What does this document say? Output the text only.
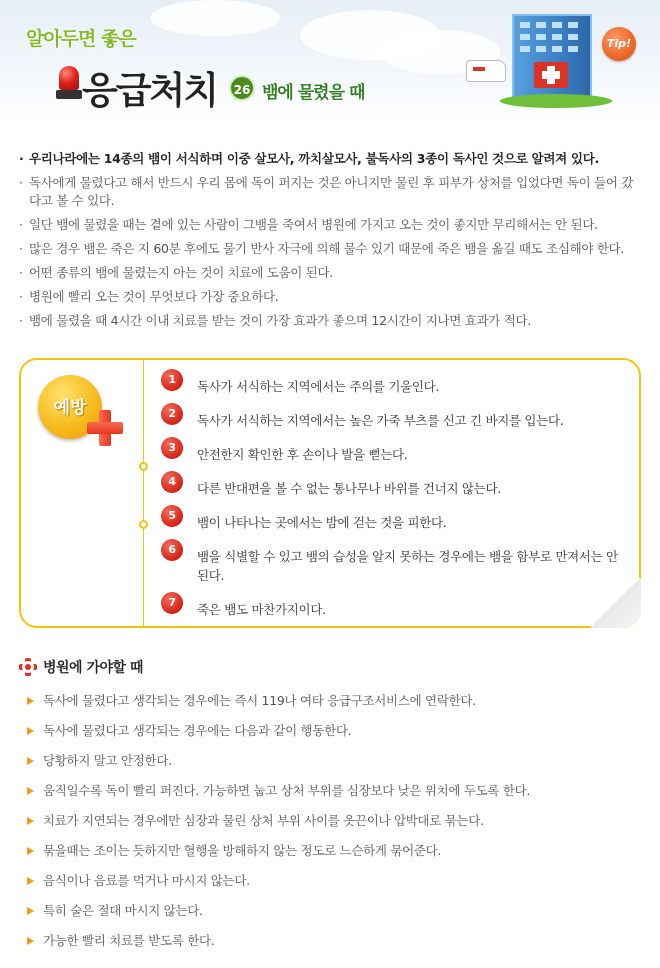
알아두면 좋은
응급처치	26 뱀에 물렸을 때
Tip!
· 우리나라에는 14종의 뱀이 서식하며 이중 살모사, 까치살모사, 불독사의 3종이 독사인 것으로 알려져 있다.
· 독사에게 물렸다고 해서 반드시 우리 몸에 독이 퍼지는 것은 아니지만 물린 후 피부가 상처를 입었다면 독이 들어 갔다고 볼 수 있다.
· 일단 뱀에 물렸을 때는 곁에 있는 사람이 그뱀을 죽여서 병원에 가지고 오는 것이 좋지만 무리해서는 안 된다.
· 많은 경우 뱀은 죽은 지 60분 후에도 물기 반사 자극에 의해 물수 있기 때문에 죽은 뱀을 옮길 때도 조심해야 한다.
· 어떤 종류의 뱀에 물렸는지 아는 것이 치료에 도움이 된다.
· 병원에 빨리 오는 것이 무엇보다 가장 중요하다.
· 뱀에 물렸을 때 4시간 이내 치료를 받는 것이 가장 효과가 좋으며 12시간이 지나면 효과가 적다.
예방
1	독사가 서식하는 지역에서는 주의를 기울인다.
2	독사가 서식하는 지역에서는 높은 가죽 부츠를 신고 긴 바지를 입는다.
3	안전한지 확인한 후 손이나 발을 뻗는다.
4	다른 반대편을 볼 수 없는 통나무나 바위를 건너지 않는다.
5	뱀이 나타나는 곳에서는 밤에 걷는 것을 피한다.
6	뱀을 식별할 수 있고 뱀의 습성을 알지 못하는 경우에는 뱀을 함부로 만져서는 안 된다.
7	죽은 뱀도 마찬가지이다.
병원에 가야할 때
독사에 물렸다고 생각되는 경우에는 즉시 119나 여타 응급구조서비스에 연락한다.
독사에 물렸다고 생각되는 경우에는 다음과 같이 행동한다.
당황하지 말고 안정한다.
움직일수록 독이 빨리 퍼진다. 가능하면 눕고 상처 부위를 심장보다 낮은 위치에 두도록 한다.
치료가 지연되는 경우에만 심장과 물린 상처 부위 사이를 옷끈이나 압박대로 묶는다.
묶을때는 조이는 듯하지만 혈행을 방해하지 않는 정도로 느슨하게 묶어준다.
음식이나 음료를 먹거나 마시지 않는다.
특히 술은 절대 마시지 않는다.
가능한 빨리 치료를 받도록 한다.
